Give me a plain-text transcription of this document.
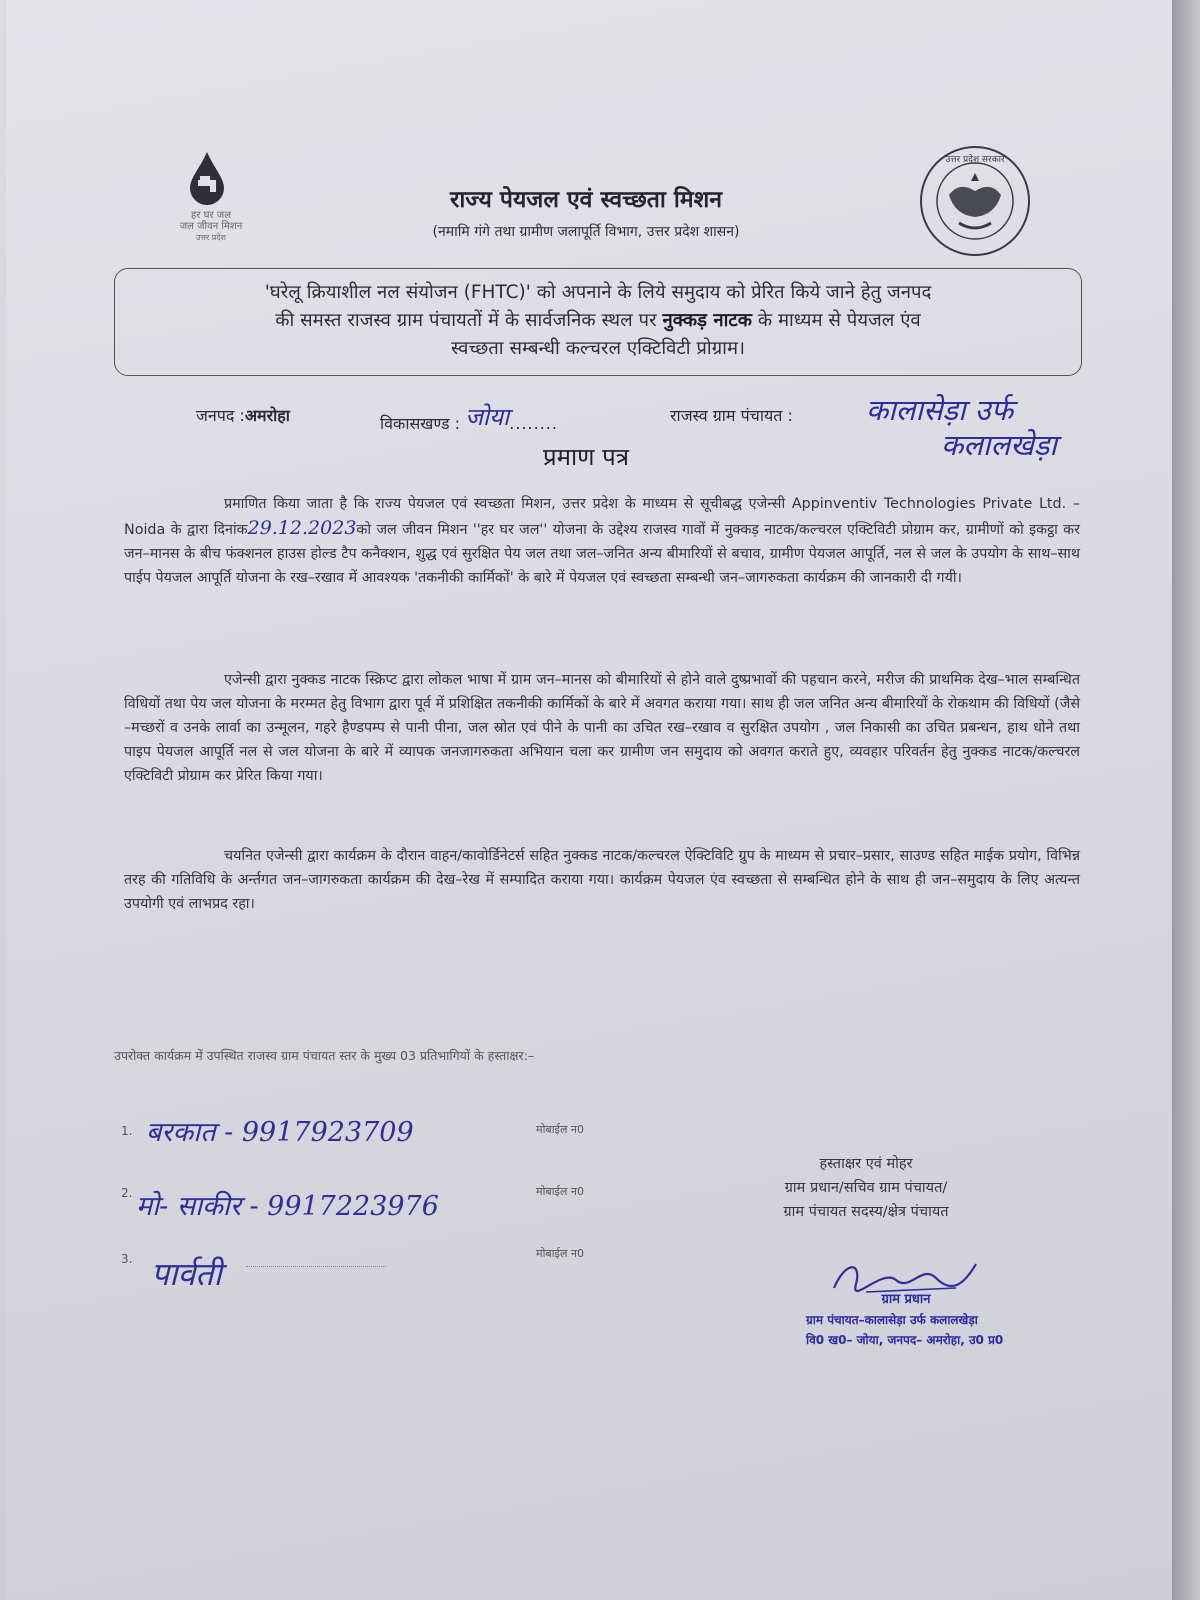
हर घर जल
जल जीवन मिशन
उत्तर प्रदेश
राज्य पेयजल एवं स्वच्छता मिशन
(नमामि गंगे तथा ग्रामीण जलापूर्ति विभाग, उत्तर प्रदेश शासन)
उत्तर प्रदेश सरकार
'घरेलू क्रियाशील नल संयोजन (FHTC)' को अपनाने के लिये समुदाय को प्रेरित किये जाने हेतु जनपद
की समस्त राजस्व ग्राम पंचायतों में के सार्वजनिक स्थल पर नुक्कड़ नाटक के माध्यम से पेयजल एंव
स्वच्छता सम्बन्धी कल्चरल एक्टिविटी प्रोग्राम।
जनपद :अमरोहा	विकासखण्ड : जोया........	राजस्व ग्राम पंचायत :	कालासेड़ा उर्फ
कलालखेड़ा
प्रमाण पत्र

प्रमाणित किया जाता है कि राज्य पेयजल एवं स्वच्छता मिशन, उत्तर प्रदेश के माध्यम से सूचीबद्ध एजेन्सी Appinventiv Technologies Private Ltd. – Noida के द्वारा दिनांक29.12.2023को जल जीवन मिशन ''हर घर जल'' योजना के उद्देश्य राजस्व गावों में नुक्कड़ नाटक/कल्चरल एक्टिविटी प्रोग्राम कर, ग्रामीणों को इकट्ठा कर जन–मानस के बीच फंक्शनल हाउस होल्ड टैप कनैक्शन, शुद्ध एवं सुरक्षित पेय जल तथा जल–जनित अन्य बीमारियों से बचाव, ग्रामीण पेयजल आपूर्ति, नल से जल के उपयोग के साथ–साथ पाईप पेयजल आपूर्ति योजना के रख–रखाव में आवश्यक 'तकनीकी कार्मिकों' के बारे में पेयजल एवं स्वच्छता सम्बन्धी जन–जागरुकता कार्यक्रम की जानकारी दी गयी।

एजेन्सी द्वारा नुक्कड नाटक स्क्रिप्ट द्वारा लोकल भाषा में ग्राम जन–मानस को बीमारियों से होने वाले दुष्प्रभावों की पहचान करने, मरीज की प्राथमिक देख–भाल सम्बन्धित विधियों तथा पेय जल योजना के मरम्मत हेतु विभाग द्वारा पूर्व में प्रशिक्षित तकनीकी कार्मिकों के बारे में अवगत कराया गया। साथ ही जल जनित अन्य बीमारियों के रोकथाम की विधियों (जैसे –मच्छरों व उनके लार्वा का उन्मूलन, गहरे हैण्डपम्प से पानी पीना, जल स्रोत एवं पीने के पानी का उचित रख–रखाव व सुरक्षित उपयोग , जल निकासी का उचित प्रबन्धन, हाथ धोने तथा पाइप पेयजल आपूर्ति नल से जल योजना के बारे में व्यापक जनजागरुकता अभियान चला कर ग्रामीण जन समुदाय को अवगत कराते हुए, व्यवहार परिवर्तन हेतु नुक्कड नाटक/कल्चरल एक्टिविटी प्रोग्राम कर प्रेरित किया गया।

चयनित एजेन्सी द्वारा कार्यक्रम के दौरान वाहन/कावोर्डिनेटर्स सहित नुक्कड नाटक/कल्चरल ऐक्टिविटि ग्रुप के माध्यम से प्रचार–प्रसार, साउण्ड सहित माईक प्रयोग, विभिन्न तरह की गतिविधि के अर्न्तगत जन–जागरुकता कार्यक्रम की देख–रेख में सम्पादित कराया गया। कार्यक्रम पेयजल एंव स्वच्छता से सम्बन्धित होने के साथ ही जन–समुदाय के लिए अत्यन्त उपयोगी एवं लाभप्रद रहा।

उपरोक्त कार्यक्रम में उपस्थित राजस्व ग्राम पंचायत स्तर के मुख्य 03 प्रतिभागियों के हस्ताक्षर:–
1. बरकात - 9917923709	मोबाईल न0
2. मो- साकीर - 9917223976	मोबाईल न0
3. पार्वती
मोबाईल न0
हस्ताक्षर एवं मोहर
ग्राम प्रधान/सचिव ग्राम पंचायत/
ग्राम पंचायत सदस्य/क्षेत्र पंचायत
ग्राम प्रधान
ग्राम पंचायत–कालासेड़ा उर्फ कलालखेड़ा
वि0 ख0– जोया, जनपद– अमरोहा, उ0 प्र0
